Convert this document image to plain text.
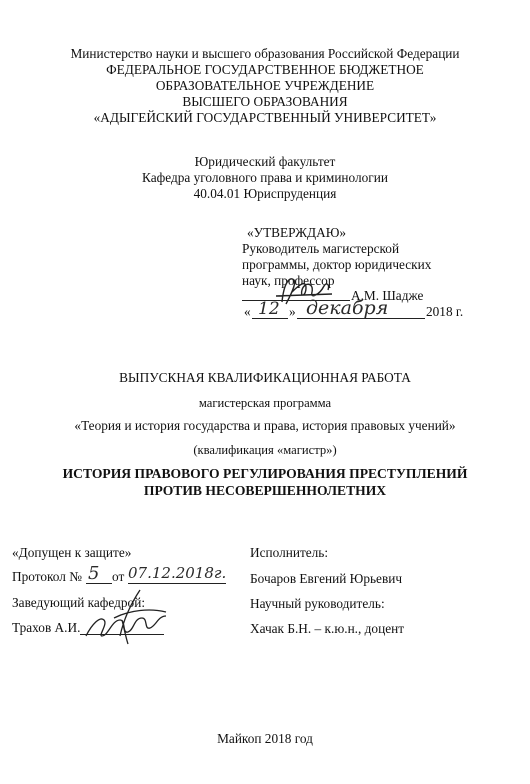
Министерство науки и высшего образования Российской Федерации
ФЕДЕРАЛЬНОЕ ГОСУДАРСТВЕННОЕ БЮДЖЕТНОЕ
ОБРАЗОВАТЕЛЬНОЕ УЧРЕЖДЕНИЕ
ВЫСШЕГО ОБРАЗОВАНИЯ
«АДЫГЕЙСКИЙ ГОСУДАРСТВЕННЫЙ УНИВЕРСИТЕТ»
Юридический факультет
Кафедра уголовного права и криминологии
40.04.01 Юриспруденция
«УТВЕРЖДАЮ»
Руководитель магистерской
программы, доктор юридических
наук, профессор
А.М. Шадже
« 12 » декабря	2018 г.
ВЫПУСКНАЯ КВАЛИФИКАЦИОННАЯ РАБОТА
магистерская программа
«Теория и история государства и права, история правовых учений»
(квалификация «магистр»)
ИСТОРИЯ ПРАВОВОГО РЕГУЛИРОВАНИЯ ПРЕСТУПЛЕНИЙ
ПРОТИВ НЕСОВЕРШЕННОЛЕТНИХ
«Допущен к защите»
Протокол № 5 от 07.12.2018г.
Заведующий кафедрой:
Трахов А.И.
Исполнитель:
Бочаров Евгений Юрьевич
Научный руководитель:
Хачак Б.Н. – к.ю.н., доцент
Майкоп 2018 год
